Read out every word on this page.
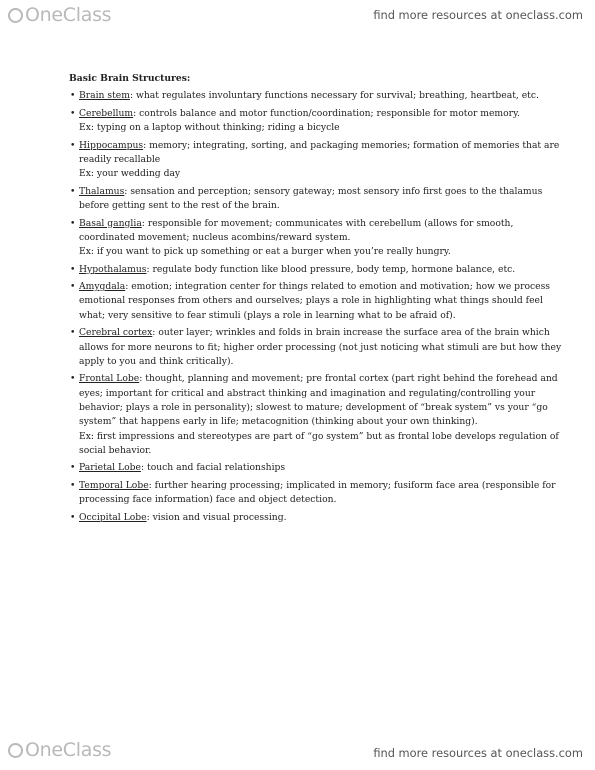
OneClass	find more resources at oneclass.com

Basic Brain Structures:

• Brain stem: what regulates involuntary functions necessary for survival; breathing, heartbeat, etc.

• Cerebellum: controls balance and motor function/coordination; responsible for motor memory.

Ex: typing on a laptop without thinking; riding a bicycle

• Hippocampus: memory; integrating, sorting, and packaging memories; formation of memories that are readily recallable

Ex: your wedding day

• Thalamus: sensation and perception; sensory gateway; most sensory info first goes to the thalamus before getting sent to the rest of the brain.

• Basal ganglia: responsible for movement; communicates with cerebellum (allows for smooth, coordinated movement; nucleus acombins/reward system.

Ex: if you want to pick up something or eat a burger when you’re really hungry.

• Hypothalamus: regulate body function like blood pressure, body temp, hormone balance, etc.

• Amygdala: emotion; integration center for things related to emotion and motivation; how we process emotional responses from others and ourselves; plays a role in highlighting what things should feel what; very sensitive to fear stimuli (plays a role in learning what to be afraid of).

• Cerebral cortex: outer layer; wrinkles and folds in brain increase the surface area of the brain which allows for more neurons to fit; higher order processing (not just noticing what stimuli are but how they apply to you and think critically).

• Frontal Lobe: thought, planning and movement; pre frontal cortex (part right behind the forehead and eyes; important for critical and abstract thinking and imagination and regulating/controlling your behavior; plays a role in personality); slowest to mature; development of “break system” vs your “go system” that happens early in life; metacognition (thinking about your own thinking).

Ex: first impressions and stereotypes are part of “go system” but as frontal lobe develops regulation of social behavior.

• Parietal Lobe: touch and facial relationships

• Temporal Lobe: further hearing processing; implicated in memory; fusiform face area (responsible for processing face information) face and object detection.

• Occipital Lobe: vision and visual processing.

OneClass	find more resources at oneclass.com
